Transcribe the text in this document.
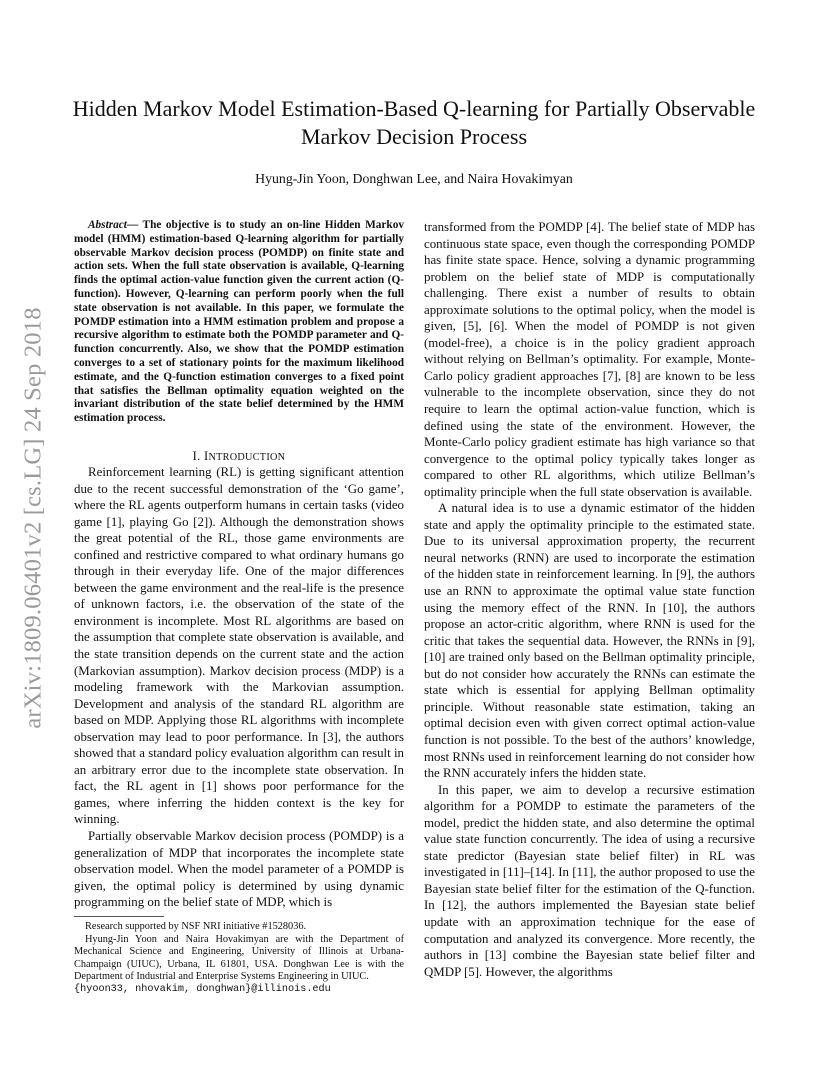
arXiv:1809.06401v2 [cs.LG] 24 Sep 2018
Hidden Markov Model Estimation-Based Q-learning for Partially Observable
Markov Decision Process
Hyung-Jin Yoon, Donghwan Lee, and Naira Hovakimyan
Abstract— The objective is to study an on-line Hidden Markov model (HMM) estimation-based Q-learning algorithm for partially observable Markov decision process (POMDP) on finite state and action sets. When the full state observation is available, Q-learning finds the optimal action-value function given the current action (Q-function). However, Q-learning can perform poorly when the full state observation is not available. In this paper, we formulate the POMDP estimation into a HMM estimation problem and propose a recursive algorithm to estimate both the POMDP parameter and Q-function concurrently. Also, we show that the POMDP estimation converges to a set of stationary points for the maximum likelihood estimate, and the Q-function estimation converges to a fixed point that satisfies the Bellman optimality equation weighted on the invariant distribution of the state belief determined by the HMM estimation process.
I. INTRODUCTION

Reinforcement learning (RL) is getting significant attention due to the recent successful demonstration of the ‘Go game’, where the RL agents outperform humans in certain tasks (video game [1], playing Go [2]). Although the demonstration shows the great potential of the RL, those game environments are confined and restrictive compared to what ordinary humans go through in their everyday life. One of the major differences between the game environment and the real-life is the presence of unknown factors, i.e. the observation of the state of the environment is incomplete. Most RL algorithms are based on the assumption that complete state observation is available, and the state transition depends on the current state and the action (Markovian assumption). Markov decision process (MDP) is a modeling framework with the Markovian assumption. Development and analysis of the standard RL algorithm are based on MDP. Applying those RL algorithms with incomplete observation may lead to poor performance. In [3], the authors showed that a standard policy evaluation algorithm can result in an arbitrary error due to the incomplete state observation. In fact, the RL agent in [1] shows poor performance for the games, where inferring the hidden context is the key for winning.

Partially observable Markov decision process (POMDP) is a generalization of MDP that incorporates the incomplete state observation model. When the model parameter of a POMDP is given, the optimal policy is determined by using dynamic programming on the belief state of MDP, which is

Research supported by NSF NRI initiative #1528036.

Hyung-Jin Yoon and Naira Hovakimyan are with the Department of Mechanical Science and Engineering, University of Illinois at Urbana-Champaign (UIUC), Urbana, IL 61801, USA. Donghwan Lee is with the Department of Industrial and Enterprise Systems Engineering in UIUC.

{hyoon33, nhovakim, donghwan}@illinois.edu

transformed from the POMDP [4]. The belief state of MDP has continuous state space, even though the corresponding POMDP has finite state space. Hence, solving a dynamic programming problem on the belief state of MDP is computationally challenging. There exist a number of results to obtain approximate solutions to the optimal policy, when the model is given, [5], [6]. When the model of POMDP is not given (model-free), a choice is in the policy gradient approach without relying on Bellman’s optimality. For example, Monte-Carlo policy gradient approaches [7], [8] are known to be less vulnerable to the incomplete observation, since they do not require to learn the optimal action-value function, which is defined using the state of the environment. However, the Monte-Carlo policy gradient estimate has high variance so that convergence to the optimal policy typically takes longer as compared to other RL algorithms, which utilize Bellman’s optimality principle when the full state observation is available.

A natural idea is to use a dynamic estimator of the hidden state and apply the optimality principle to the estimated state. Due to its universal approximation property, the recurrent neural networks (RNN) are used to incorporate the estimation of the hidden state in reinforcement learning. In [9], the authors use an RNN to approximate the optimal value state function using the memory effect of the RNN. In [10], the authors propose an actor-critic algorithm, where RNN is used for the critic that takes the sequential data. However, the RNNs in [9], [10] are trained only based on the Bellman optimality principle, but do not consider how accurately the RNNs can estimate the state which is essential for applying Bellman optimality principle. Without reasonable state estimation, taking an optimal decision even with given correct optimal action-value function is not possible. To the best of the authors’ knowledge, most RNNs used in reinforcement learning do not consider how the RNN accurately infers the hidden state.

In this paper, we aim to develop a recursive estimation algorithm for a POMDP to estimate the parameters of the model, predict the hidden state, and also determine the optimal value state function concurrently. The idea of using a recursive state predictor (Bayesian state belief filter) in RL was investigated in [11]–[14]. In [11], the author proposed to use the Bayesian state belief filter for the estimation of the Q-function. In [12], the authors implemented the Bayesian state belief update with an approximation technique for the ease of computation and analyzed its convergence. More recently, the authors in [13] combine the Bayesian state belief filter and QMDP [5]. However, the algorithms
